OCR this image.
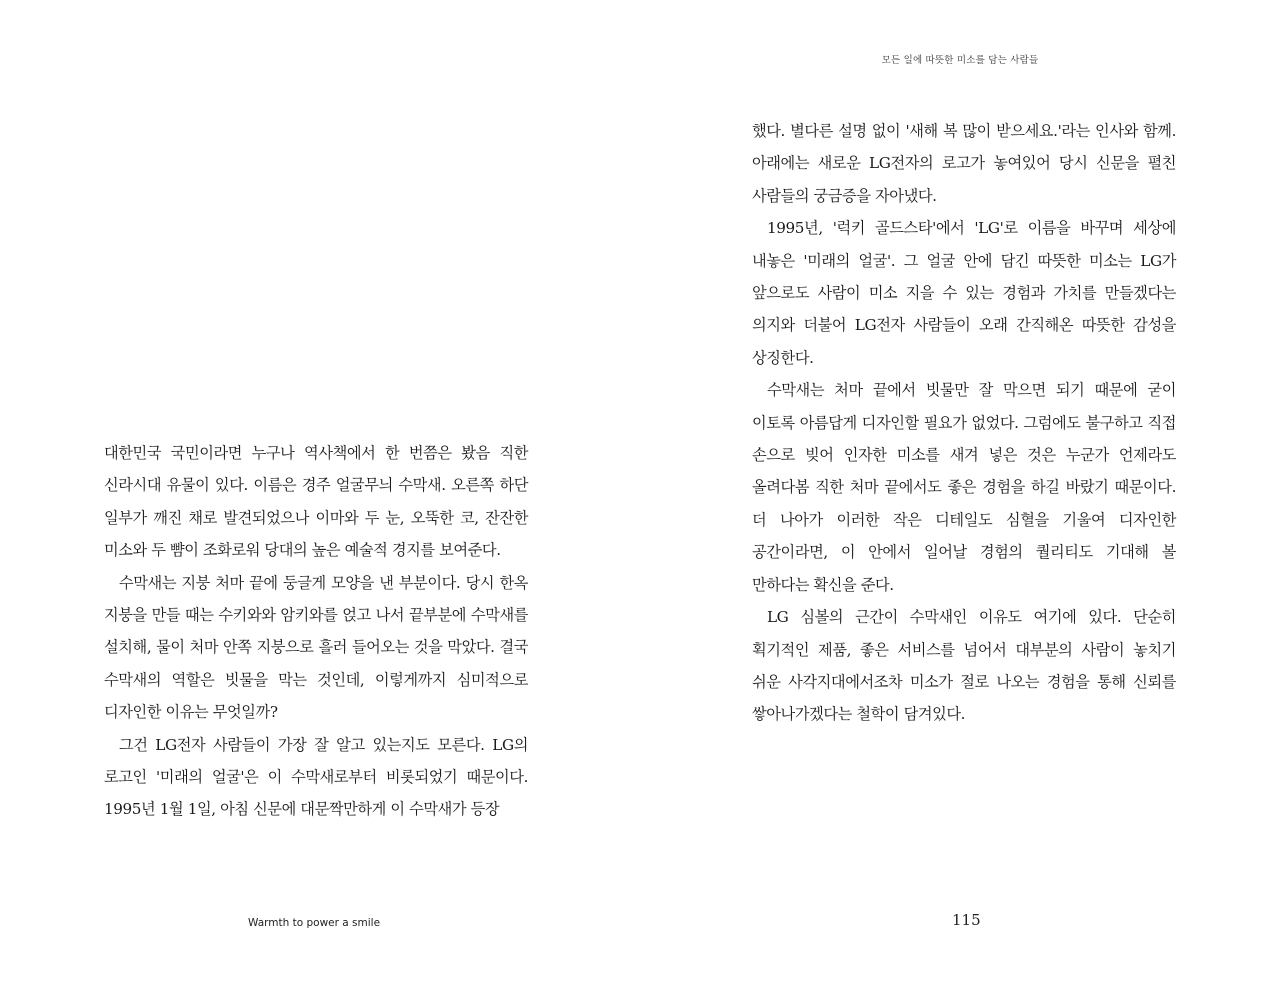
대한민국 국민이라면 누구나 역사책에서 한 번쯤은 봤음 직한 신라시대 유물이 있다. 이름은 경주 얼굴무늬 수막새. 오른쪽 하단 일부가 깨진 채로 발견되었으나 이마와 두 눈, 오뚝한 코, 잔잔한 미소와 두 뺨이 조화로워 당대의 높은 예술적 경지를 보여준다.

수막새는 지붕 처마 끝에 둥글게 모양을 낸 부분이다. 당시 한옥 지붕을 만들 때는 수키와와 암키와를 얹고 나서 끝부분에 수막새를 설치해, 물이 처마 안쪽 지붕으로 흘러 들어오는 것을 막았다. 결국 수막새의 역할은 빗물을 막는 것인데, 이렇게까지 심미적으로 디자인한 이유는 무엇일까?

그건 LG전자 사람들이 가장 잘 알고 있는지도 모른다. LG의 로고인 '미래의 얼굴'은 이 수막새로부터 비롯되었기 때문이다. 1995년 1월 1일, 아침 신문에 대문짝만하게 이 수막새가 등장

Warmth to power a smile
모든 일에 따뜻한 미소를 담는 사람들

했다. 별다른 설명 없이 '새해 복 많이 받으세요.'라는 인사와 함께. 아래에는 새로운 LG전자의 로고가 놓여있어 당시 신문을 펼친 사람들의 궁금증을 자아냈다.

1995년, '럭키 골드스타'에서 'LG'로 이름을 바꾸며 세상에 내놓은 '미래의 얼굴'. 그 얼굴 안에 담긴 따뜻한 미소는 LG가 앞으로도 사람이 미소 지을 수 있는 경험과 가치를 만들겠다는 의지와 더불어 LG전자 사람들이 오래 간직해온 따뜻한 감성을 상징한다.

수막새는 처마 끝에서 빗물만 잘 막으면 되기 때문에 굳이 이토록 아름답게 디자인할 필요가 없었다. 그럼에도 불구하고 직접 손으로 빚어 인자한 미소를 새겨 넣은 것은 누군가 언제라도 올려다봄 직한 처마 끝에서도 좋은 경험을 하길 바랐기 때문이다. 더 나아가 이러한 작은 디테일도 심혈을 기울여 디자인한 공간이라면, 이 안에서 일어날 경험의 퀄리티도 기대해 볼 만하다는 확신을 준다.

LG 심볼의 근간이 수막새인 이유도 여기에 있다. 단순히 획기적인 제품, 좋은 서비스를 넘어서 대부분의 사람이 놓치기 쉬운 사각지대에서조차 미소가 절로 나오는 경험을 통해 신뢰를 쌓아나가겠다는 철학이 담겨있다.

115
